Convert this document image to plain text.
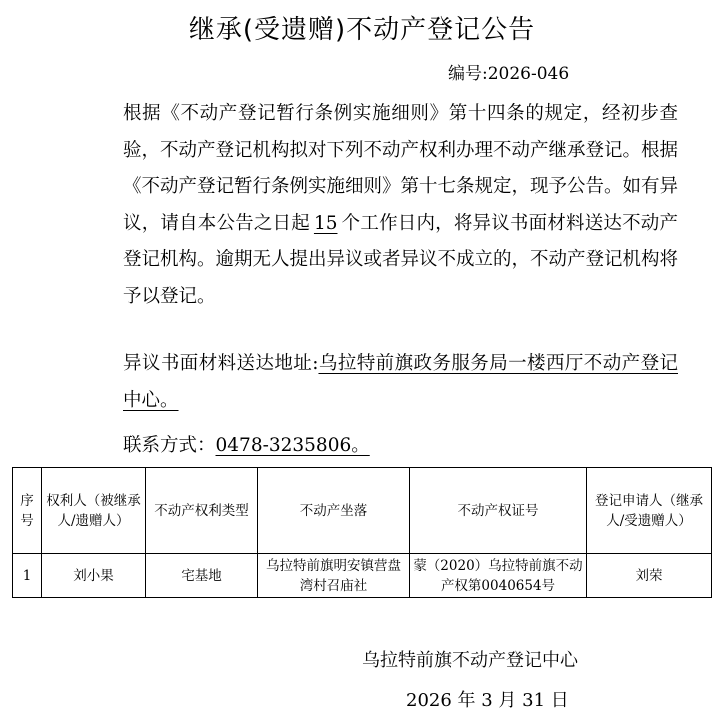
继承(受遗赠)不动产登记公告
编号:2026-046
根据《不动产登记暂行条例实施细则》第十四条的规定，经初步查验，不动产登记机构拟对下列不动产权利办理不动产继承登记。根据《不动产登记暂行条例实施细则》第十七条规定，现予公告。如有异议，请自本公告之日起 15 个工作日内，将异议书面材料送达不动产登记机构。逾期无人提出异议或者异议不成立的，不动产登记机构将予以登记。
异议书面材料送达地址:乌拉特前旗政务服务局一楼西厅不动产登记中心。
联系方式：0478-3235806。
序号	权利人（被继承人/遗赠人）	不动产权利类型	不动产坐落	不动产权证号	登记申请人（继承人/受遗赠人）
1	刘小果	宅基地	乌拉特前旗明安镇营盘湾村召庙社	蒙（2020）乌拉特前旗不动产权第0040654号	刘荣
乌拉特前旗不动产登记中心
2026 年 3 月 31 日
